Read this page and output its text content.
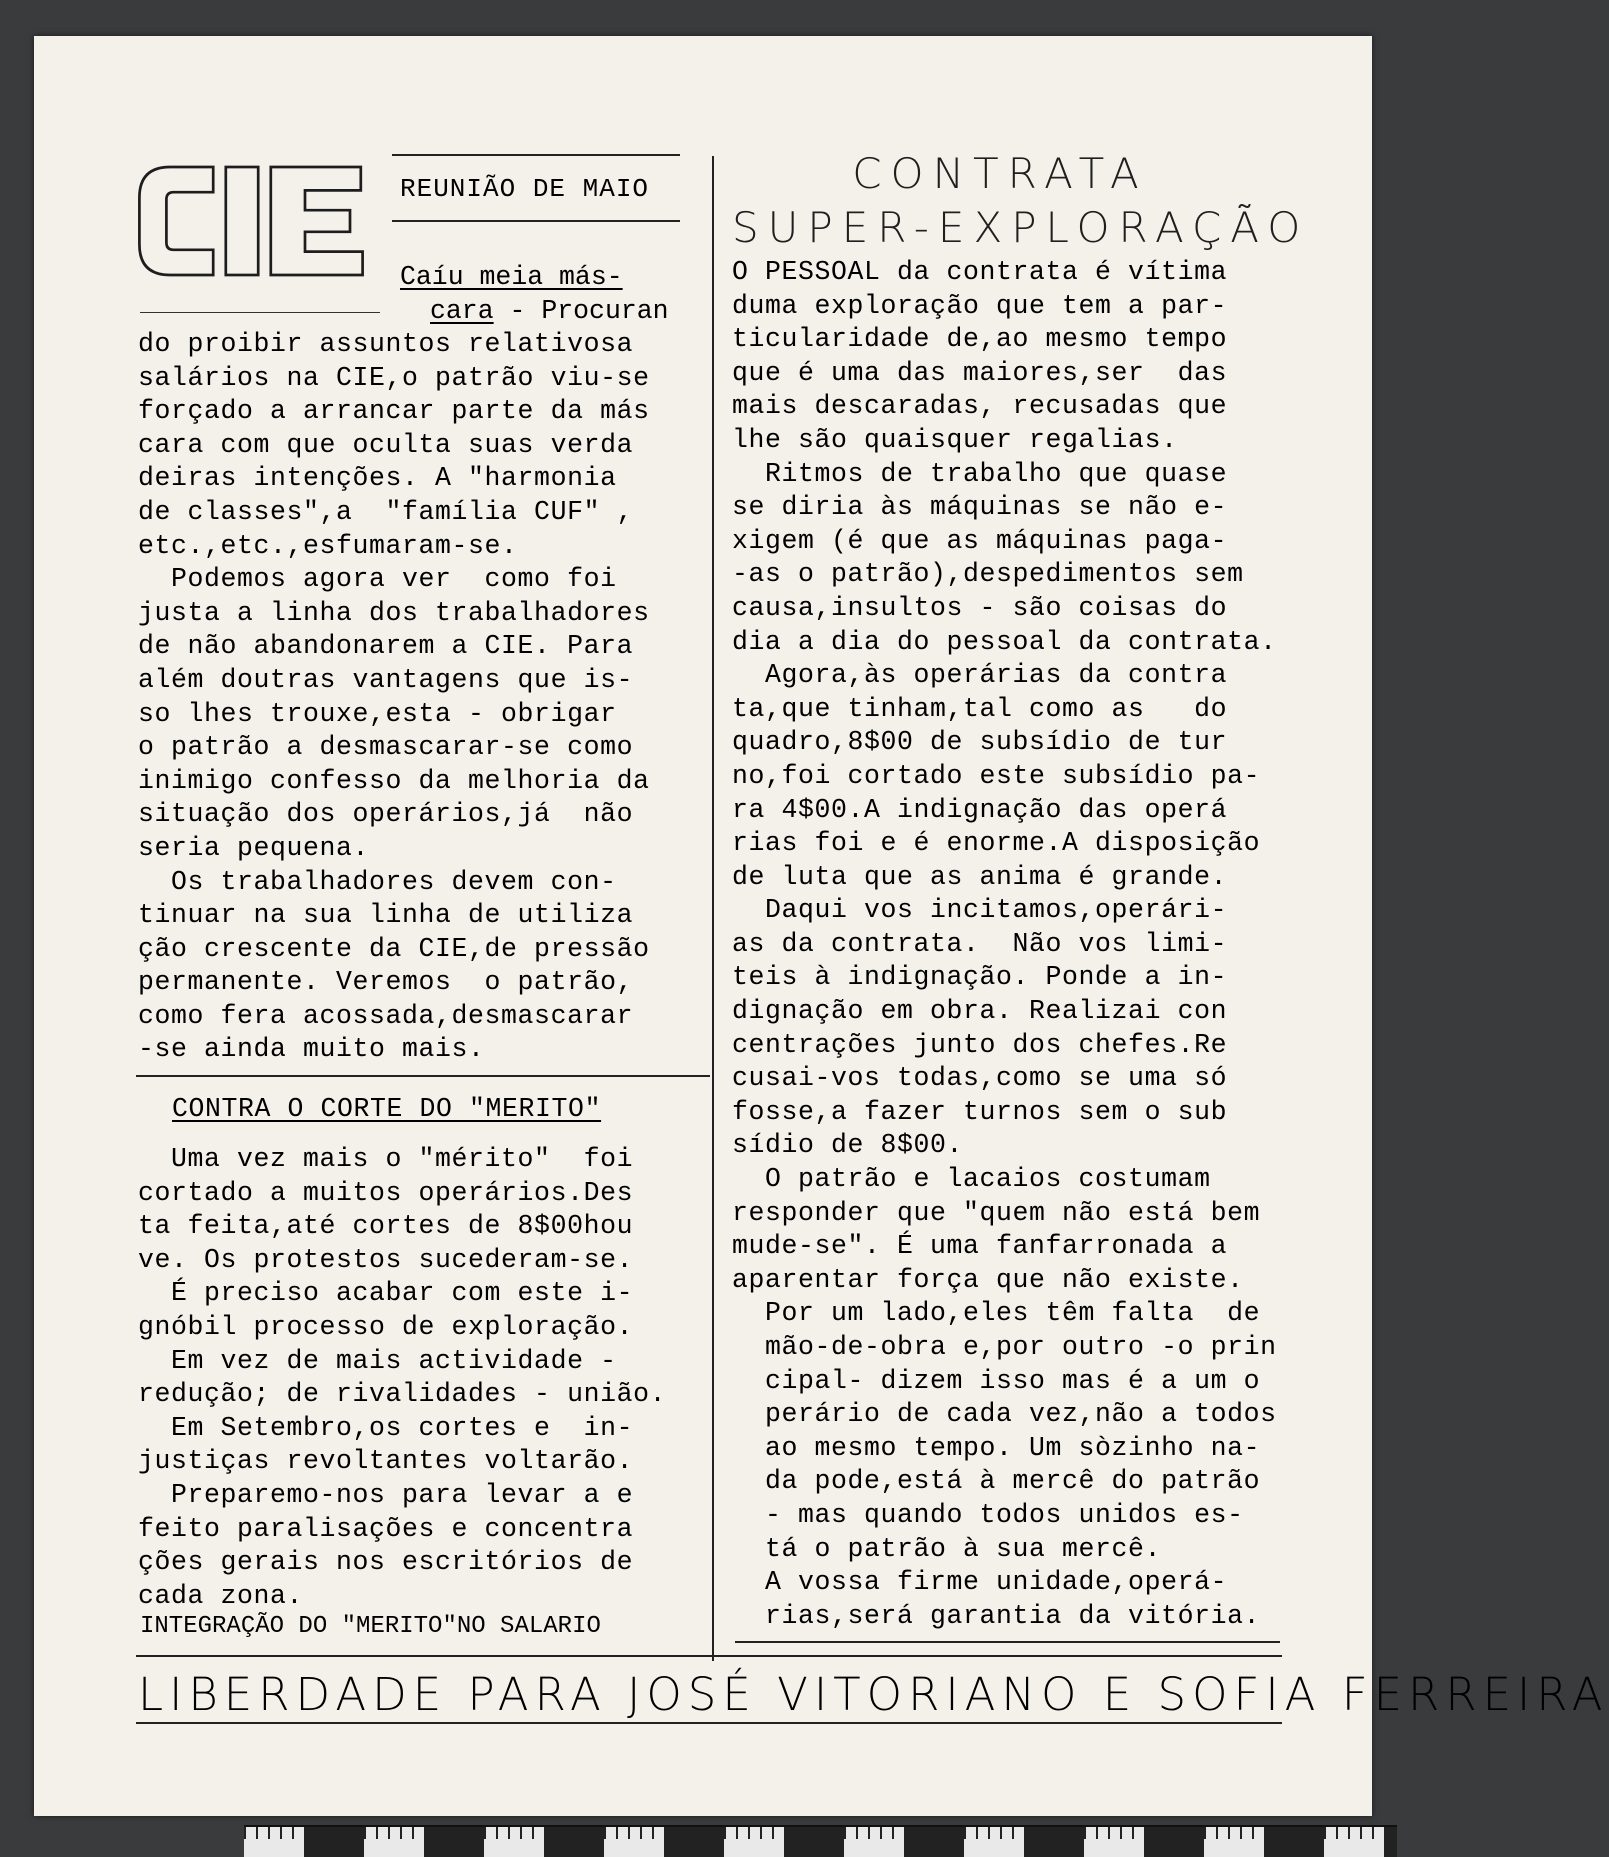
REUNIÃO DE MAIO
Caíu meia más-
cara - Procuran
do proibir assuntos relativosa
salários na CIE,o patrão viu-se
forçado a arrancar parte da más
cara com que oculta suas verda
deiras intenções. A "harmonia
de classes",a  "família CUF" ,
etc.,etc.,esfumaram-se.
Podemos agora ver  como foi
justa a linha dos trabalhadores
de não abandonarem a CIE. Para
além doutras vantagens que is-
so lhes trouxe,esta - obrigar
o patrão a desmascarar-se como
inimigo confesso da melhoria da
situação dos operários,já  não
seria pequena.
Os trabalhadores devem con-
tinuar na sua linha de utiliza
ção crescente da CIE,de pressão
permanente. Veremos  o patrão,
como fera acossada,desmascarar
-se ainda muito mais.
CONTRA O CORTE DO "MERITO"
Uma vez mais o "mérito"  foi
cortado a muitos operários.Des
ta feita,até cortes de 8$00hou
ve. Os protestos sucederam-se.
É preciso acabar com este i-
gnóbil processo de exploração.
Em vez de mais actividade -
redução; de rivalidades - união.
Em Setembro,os cortes e  in-
justiças revoltantes voltarão.
Preparemo-nos para levar a e
feito paralisações e concentra
ções gerais nos escritórios de
cada zona.
INTEGRAÇÃO DO "MERITO"NO SALARIO
CONTRATA
SUPER-EXPLORAÇÃO
O PESSOAL da contrata é vítima
duma exploração que tem a par-
ticularidade de,ao mesmo tempo
que é uma das maiores,ser  das
mais descaradas, recusadas que
lhe são quaisquer regalias.
Ritmos de trabalho que quase
se diria às máquinas se não e-
xigem (é que as máquinas paga-
-as o patrão),despedimentos sem
causa,insultos - são coisas do
dia a dia do pessoal da contrata.
Agora,às operárias da contra
ta,que tinham,tal como as   do
quadro,8$00 de subsídio de tur
no,foi cortado este subsídio pa-
ra 4$00.A indignação das operá
rias foi e é enorme.A disposição
de luta que as anima é grande.
Daqui vos incitamos,operári-
as da contrata.  Não vos limi-
teis à indignação. Ponde a in-
dignação em obra. Realizai con
centrações junto dos chefes.Re
cusai-vos todas,como se uma só
fosse,a fazer turnos sem o sub
sídio de 8$00.
O patrão e lacaios costumam
responder que "quem não está bem
mude-se". É uma fanfarronada a
aparentar força que não existe.
Por um lado,eles têm falta  de
mão-de-obra e,por outro -o prin
cipal- dizem isso mas é a um o
perário de cada vez,não a todos
ao mesmo tempo. Um sòzinho na-
da pode,está à mercê do patrão
- mas quando todos unidos es-
tá o patrão à sua mercê.
A vossa firme unidade,operá-
rias,será garantia da vitória.
LIBERDADE PARA JOSÉ VITORIANO E SOFIA FERREIRA
